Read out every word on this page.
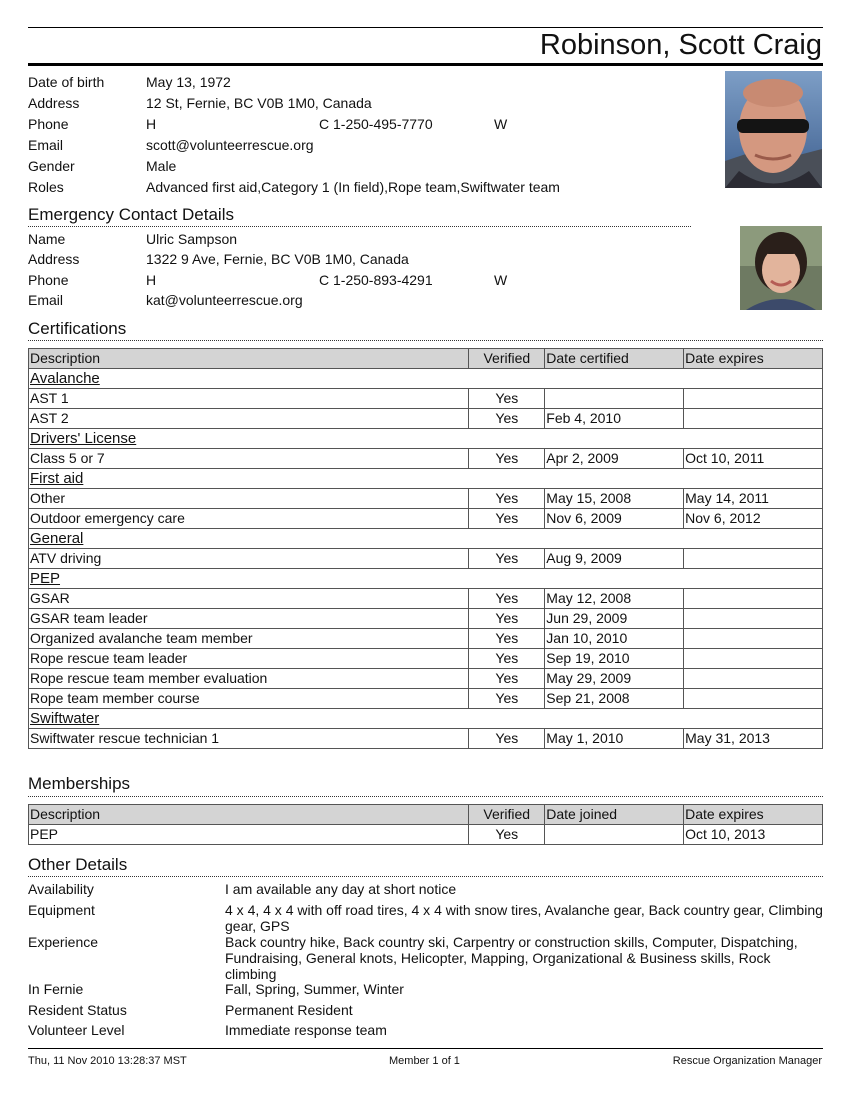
Robinson, Scott Craig
Date of birth	May 13, 1972
Address	12 St, Fernie, BC V0B 1M0, Canada
Phone	H	C 1-250-495-7770	W
Email	scott@volunteerrescue.org
Gender	Male
Roles	Advanced first aid,Category 1 (In field),Rope team,Swiftwater team
Emergency Contact Details
Name	Ulric Sampson
Address	1322 9 Ave, Fernie, BC V0B 1M0, Canada
Phone	H	C 1-250-893-4291	W
Email	kat@volunteerrescue.org
Certifications
Description	Verified	Date certified	Date expires
Avalanche			
AST 1	Yes		
AST 2	Yes	Feb 4, 2010	
Drivers' License			
Class 5 or 7	Yes	Apr 2, 2009	Oct 10, 2011
First aid			
Other	Yes	May 15, 2008	May 14, 2011
Outdoor emergency care	Yes	Nov 6, 2009	Nov 6, 2012
General			
ATV driving	Yes	Aug 9, 2009	
PEP			
GSAR	Yes	May 12, 2008	
GSAR team leader	Yes	Jun 29, 2009	
Organized avalanche team member	Yes	Jan 10, 2010	
Rope rescue team leader	Yes	Sep 19, 2010	
Rope rescue team member evaluation	Yes	May 29, 2009	
Rope team member course	Yes	Sep 21, 2008	
Swiftwater			
Swiftwater rescue technician 1	Yes	May 1, 2010	May 31, 2013
Memberships
Description	Verified	Date joined	Date expires
PEP	Yes		Oct 10, 2013
Other Details
Availability	I am available any day at short notice
Equipment	4 x 4, 4 x 4 with off road tires, 4 x 4 with snow tires, Avalanche gear, Back country gear, Climbing gear, GPS
Experience	Back country hike, Back country ski, Carpentry or construction skills, Computer, Dispatching, Fundraising, General knots, Helicopter, Mapping, Organizational & Business skills, Rock climbing
In Fernie	Fall, Spring, Summer, Winter
Resident Status	Permanent Resident
Volunteer Level	Immediate response team
Thu, 11 Nov 2010 13:28:37 MST	Member 1 of 1	Rescue Organization Manager
